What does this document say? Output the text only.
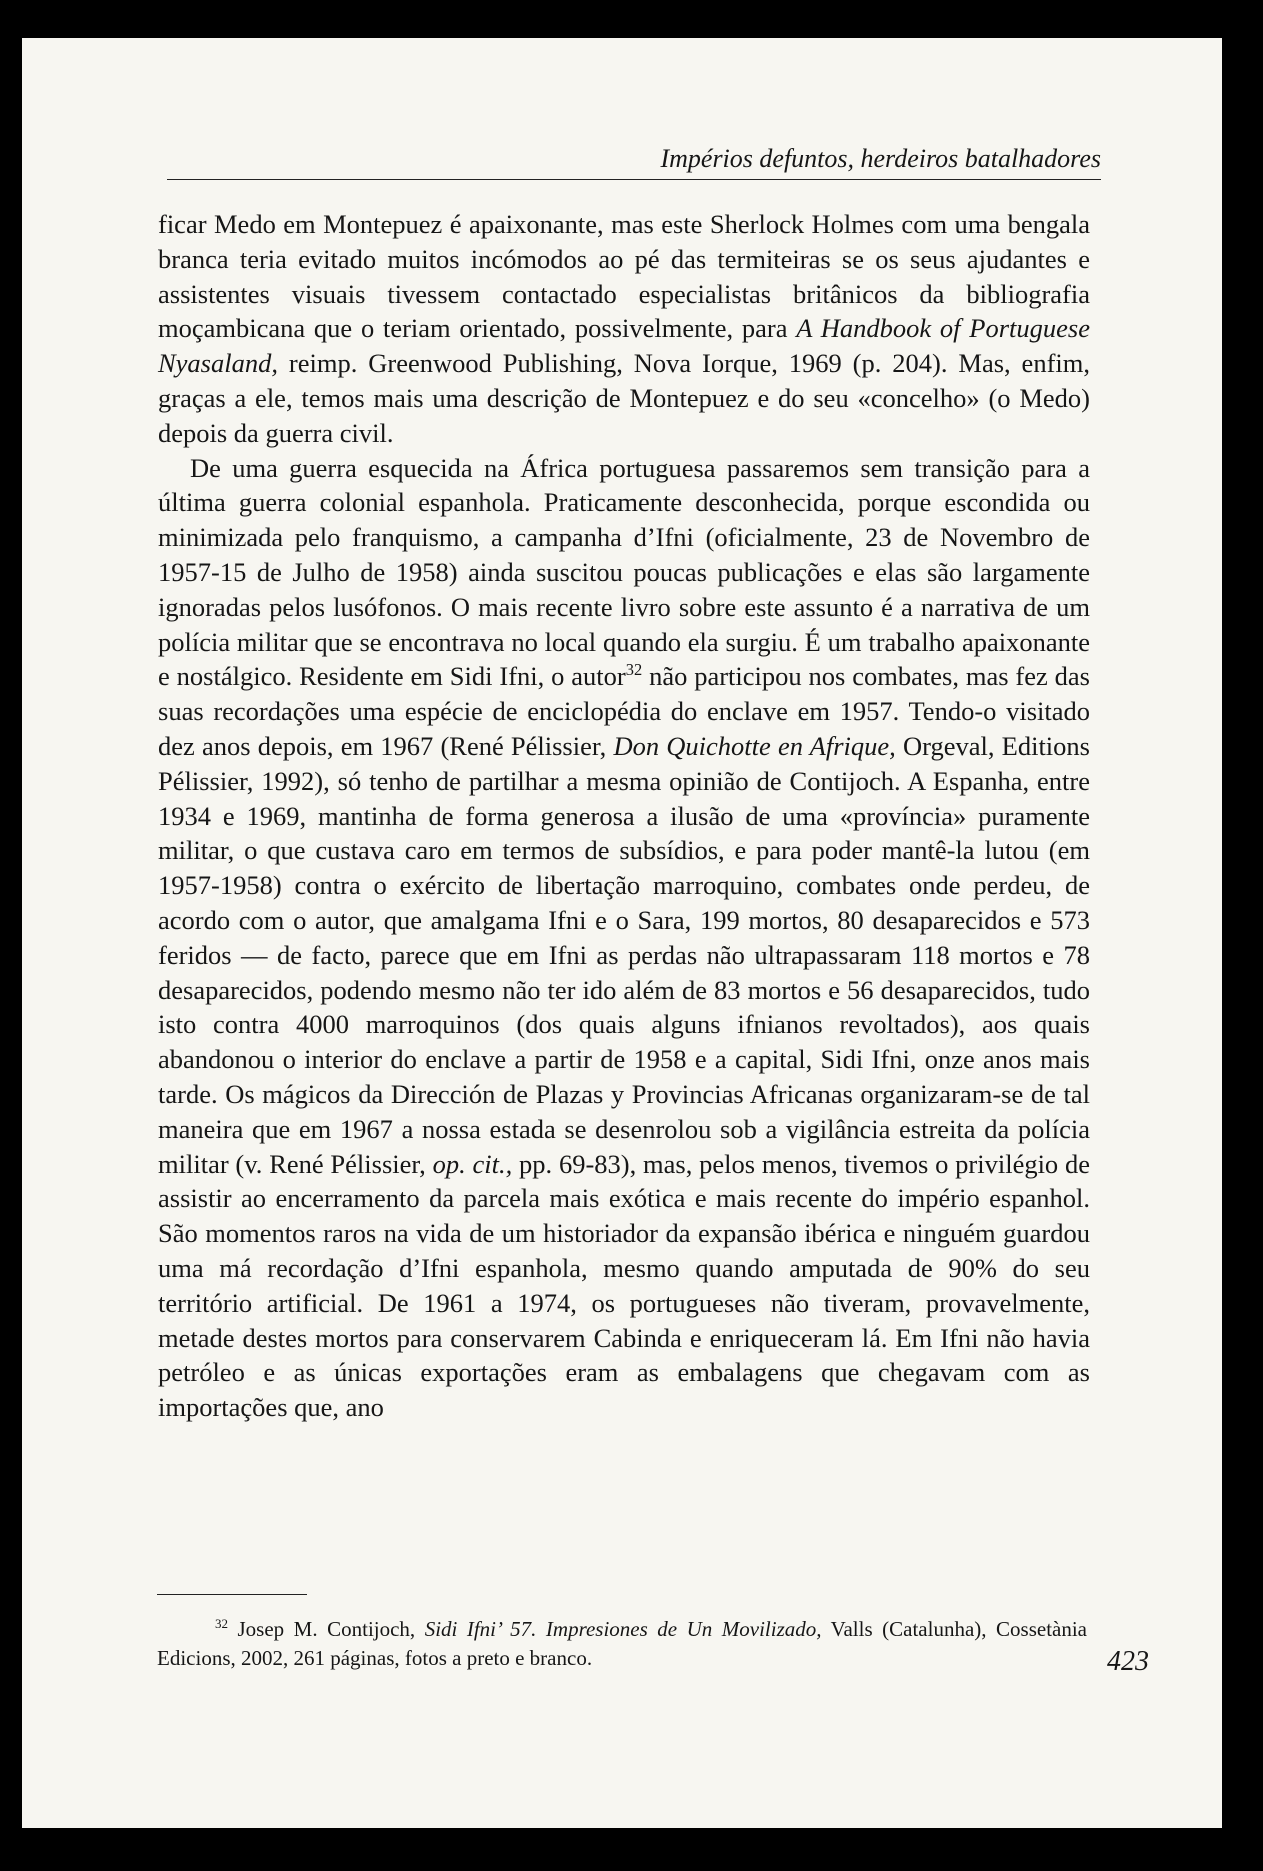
Impérios defuntos, herdeiros batalhadores

ficar Medo em Montepuez é apaixonante, mas este Sherlock Holmes com uma bengala branca teria evitado muitos incómodos ao pé das termiteiras se os seus ajudantes e assistentes visuais tivessem contactado especialistas britânicos da bibliografia moçambicana que o teriam orientado, possivelmente, para A Handbook of Portuguese Nyasaland, reimp. Greenwood Publishing, Nova Iorque, 1969 (p. 204). Mas, enfim, graças a ele, temos mais uma descrição de Montepuez e do seu «concelho» (o Medo) depois da guerra civil.

De uma guerra esquecida na África portuguesa passaremos sem transição para a última guerra colonial espanhola. Praticamente desconhecida, porque escondida ou minimizada pelo franquismo, a campanha d’Ifni (oficialmente, 23 de Novembro de 1957-15 de Julho de 1958) ainda suscitou poucas publicações e elas são largamente ignoradas pelos lusófonos. O mais recente livro sobre este assunto é a narrativa de um polícia militar que se encontrava no local quando ela surgiu. É um trabalho apaixonante e nostálgico. Residente em Sidi Ifni, o autor$^{32}$ não participou nos combates, mas fez das suas recordações uma espécie de enciclopédia do enclave em 1957. Tendo-o visitado dez anos depois, em 1967 (René Pélissier, Don Quichotte en Afrique, Orgeval, Editions Pélissier, 1992), só tenho de partilhar a mesma opinião de Contijoch. A Espanha, entre 1934 e 1969, mantinha de forma generosa a ilusão de uma «província» puramente militar, o que custava caro em termos de subsídios, e para poder mantê-la lutou (em 1957-1958) contra o exército de libertação marroquino, combates onde perdeu, de acordo com o autor, que amalgama Ifni e o Sara, 199 mortos, 80 desaparecidos e 573 feridos — de facto, parece que em Ifni as perdas não ultrapassaram 118 mortos e 78 desaparecidos, podendo mesmo não ter ido além de 83 mortos e 56 desaparecidos, tudo isto contra 4000 marroquinos (dos quais alguns ifnianos revoltados), aos quais abandonou o interior do enclave a partir de 1958 e a capital, Sidi Ifni, onze anos mais tarde. Os mágicos da Dirección de Plazas y Provincias Africanas organizaram-se de tal maneira que em 1967 a nossa estada se desenrolou sob a vigilância estreita da polícia militar (v. René Pélissier, op. cit., pp. 69-83), mas, pelos menos, tivemos o privilégio de assistir ao encerramento da parcela mais exótica e mais recente do império espanhol. São momentos raros na vida de um historiador da expansão ibérica e ninguém guardou uma má recordação d’Ifni espanhola, mesmo quando amputada de 90% do seu território artificial. De 1961 a 1974, os portugueses não tiveram, provavelmente, metade destes mortos para conservarem Cabinda e enriqueceram lá. Em Ifni não havia petróleo e as únicas exportações eram as embalagens que chegavam com as importações que, ano

$^{32}$ Josep M. Contijoch, Sidi Ifni’ 57. Impresiones de Un Movilizado, Valls (Catalunha), Cossetània Edicions, 2002, 261 páginas, fotos a preto e branco.	423
